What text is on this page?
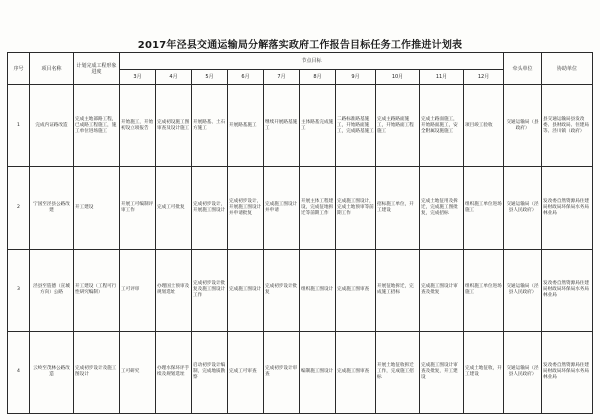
2017年泾县交通运输局分解落实政府工作报告目标任务工作推进计划表
序号	项目名称	计划完成工程形象进度	节点目标										牵头单位	协助单位
			3月	4月	5月	6月	7月	8月	9月	10月	11月	12月		
1	完成内证路改造	完成主地部路工程，已成路工程施工，施工单位进场施工	开始施工，开始初设立项报告	完成初设施工图审查及设计施工	开展路基、土石方施工	开展路基施工	继续开展路基施工	主体路基完成施工	二路标准路基施工，开始路面施工，完成路基施工	完成主路路面施工，开始路面工程施工	完成土路面施工，开始路面施工，安全附属设施施工	项目竣工验收	交通运输局（县政府）	县交通运输局县发改委、县财政局、住建局等、泾川镇（政府）
2	宁国至泾县公路改建	开工建设	开展工可编制评审工作	完成工可批复	完成初步设计，开展施工图设计	完成初步设计，开展施工图设计并申请批复	完成施工图设计并申请	开展主体工程建设，完成征地拆迁等前期工作	完成施工图设计，完成土地预审等前期工作	招标施工单位，开工建设	完成土地征用及拆迁，完成施工图批复，完成招标	组织施工单位进场施工	交通运输局（泾县人民政府）	发改委自然资源局住建局财政局环保局水务局林业局
3	泾县至旌德（宣城方向）公路	开工建设（工程可行性研究编制）	工可评审	办理国土预审及规划选址	完成初步设计批复及施工图设计工作	完成施工图设计	完成初步设计批复	组织施工图设计	完成施工图审查	开展征地拆迁，完成施工招标	完成施工图设计审查及批复	组织施工单位进场施工	交通运输局（泾县人民政府）	发改委自然资源局住建局财政局环保局水务局林业局
4	云岭至茂林公路改造	完成初步设计及施工图设计	工可研究	办理水保环评手续及规划选址	启动初步设计编制，完成地质勘察	完成工可审查	完成初步设计审查	编制施工图设计	完成施工图审查	开展土地征收拆迁工作，完成施工招标	完成施工图设计审查及批复，开工建设	完成土地征收，开工建设	交通运输局（泾县人民政府）	发改委自然资源局住建局财政局环保局水务局林业局
